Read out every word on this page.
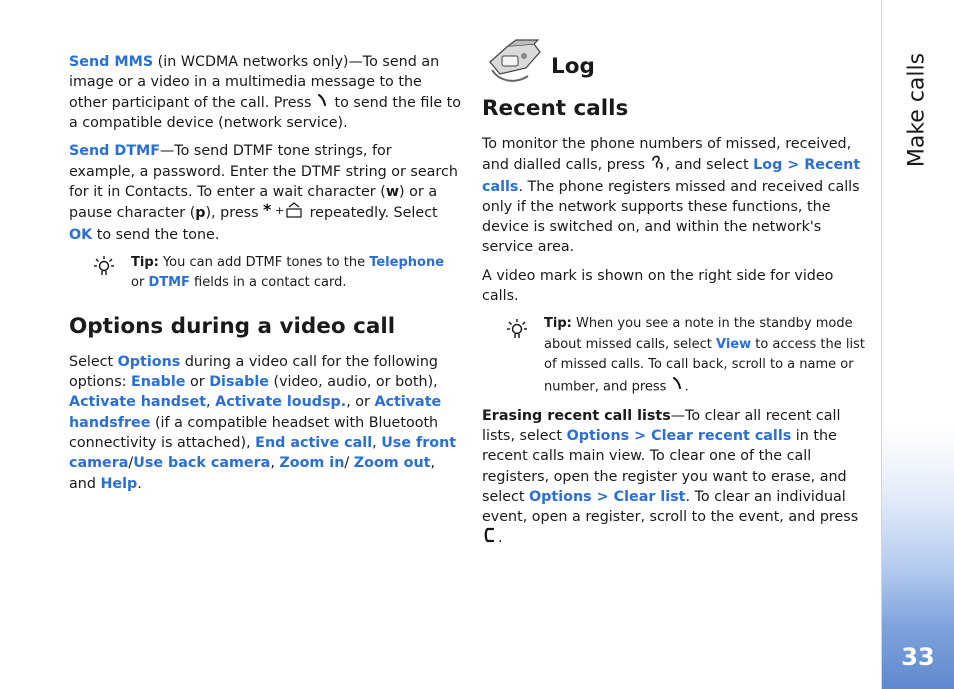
Send MMS (in WCDMA networks only)—To send an image or a video in a multimedia message to the other participant of the call. Press  to send the file to a compatible device (network service).

Send DTMF—To send DTMF tone strings, for example, a password. Enter the DTMF string or search for it in Contacts. To enter a wait character (w) or a pause character (p), press * + repeatedly. Select OK to send the tone.

Tip: You can add DTMF tones to the Telephone or DTMF fields in a contact card.
Options during a video call

Select Options during a video call for the following options: Enable or Disable (video, audio, or both), Activate handset, Activate loudsp., or Activate handsfree (if a compatible headset with Bluetooth connectivity is attached), End active call, Use front camera/Use back camera, Zoom in/ Zoom out, and Help.

Log
Recent calls

To monitor the phone numbers of missed, received, and dialled calls, press , and select Log > Recent calls. The phone registers missed and received calls only if the network supports these functions, the device is switched on, and within the network's service area.

A video mark is shown on the right side for video calls.

Tip: When you see a note in the standby mode about missed calls, select View to access the list of missed calls. To call back, scroll to a name or number, and press .

Erasing recent call lists—To clear all recent call lists, select Options > Clear recent calls in the recent calls main view. To clear one of the call registers, open the register you want to erase, and select Options > Clear list. To clear an individual event, open a register, scroll to the event, and press .

Make calls
33
